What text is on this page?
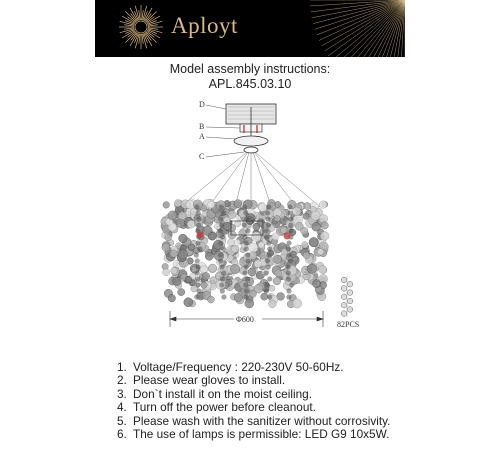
Aployt
Model assembly instructions:
APL.845.03.10
D
B
A
C
Φ600
82PCS
1. Voltage/Frequency : 220-230V 50-60Hz.
2. Please wear gloves to install.
3. Don`t install it on the moist ceiling.
4. Turn off the power before cleanout.
5. Please wash with the sanitizer without corrosivity.
6. The use of lamps is permissible: LED G9 10x5W.
